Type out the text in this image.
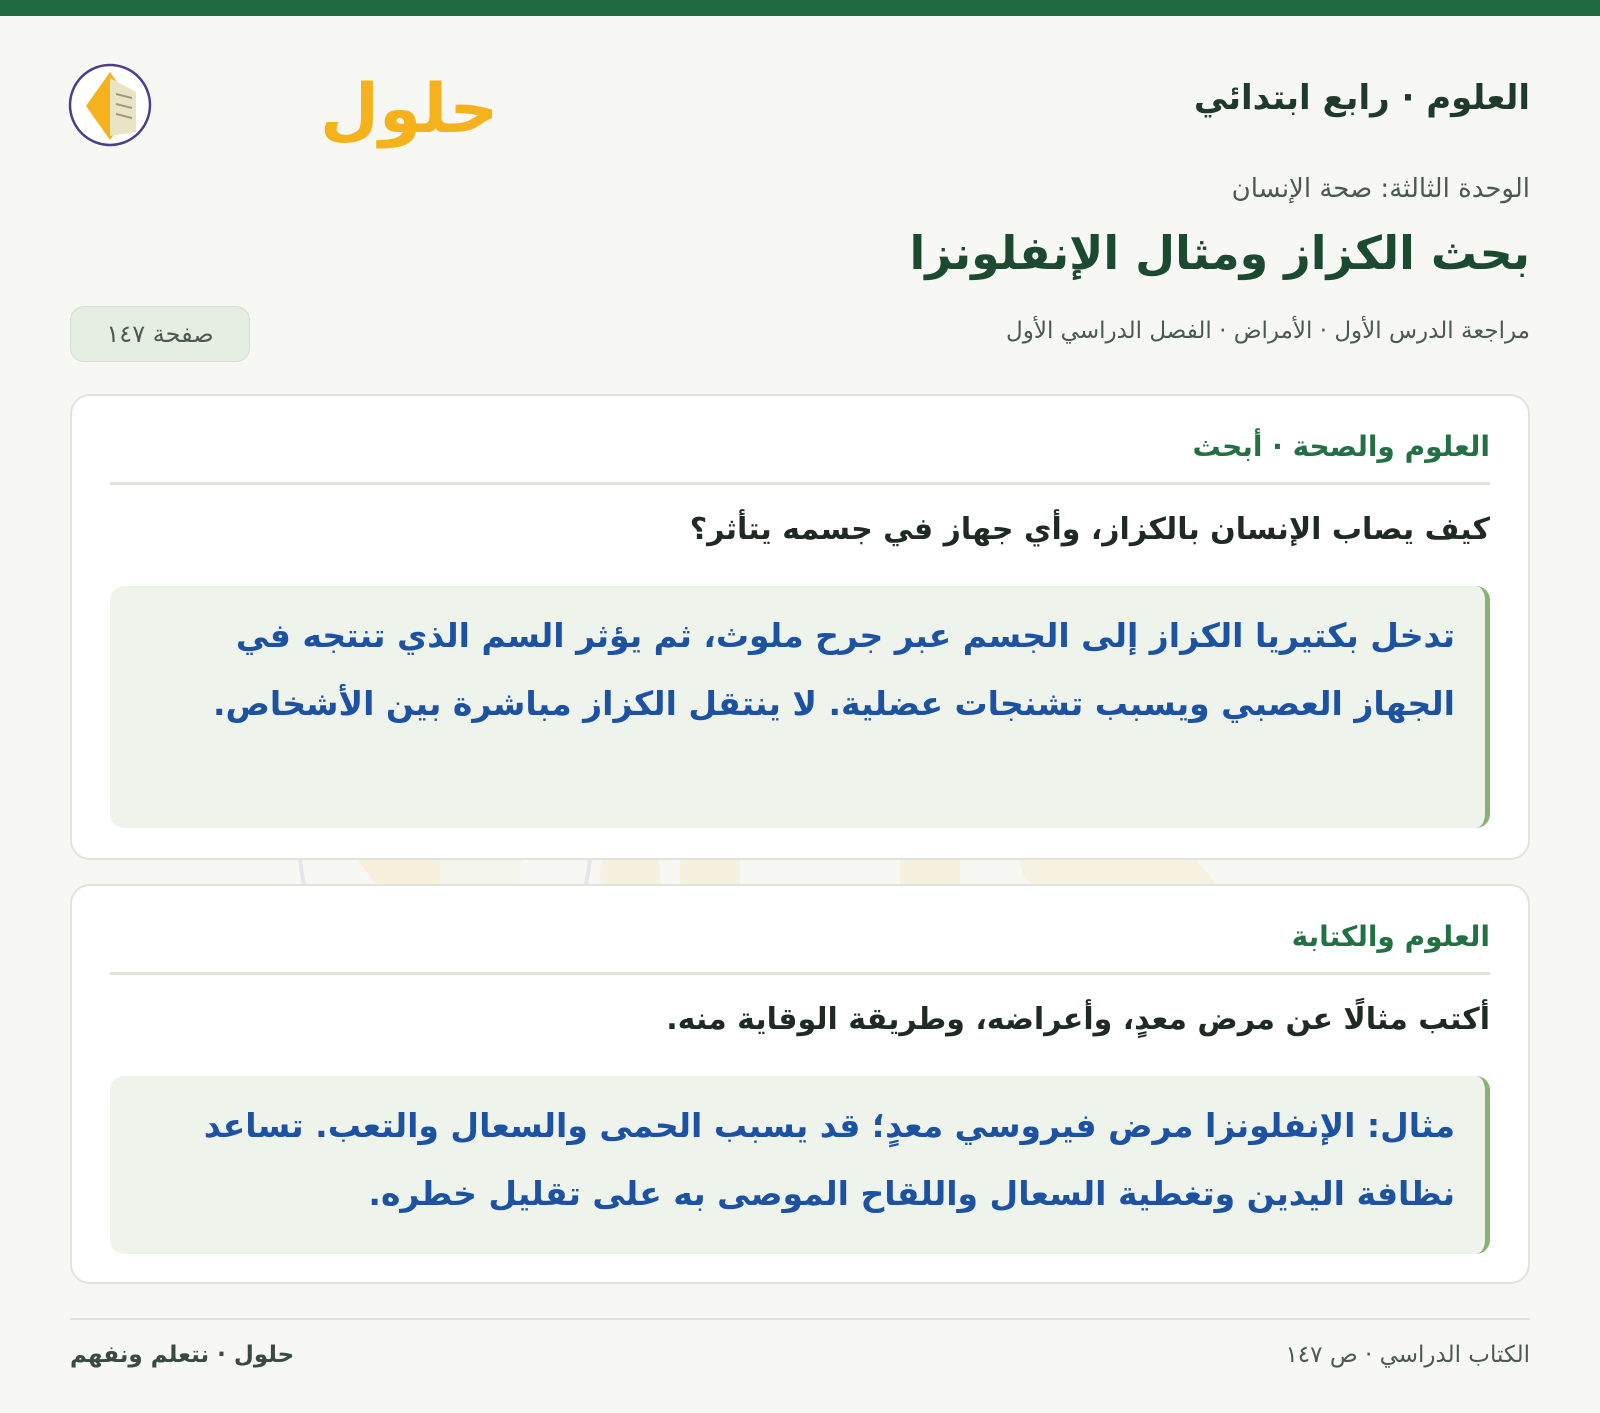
العلوم · رابع ابتدائي
حلول
الوحدة الثالثة: صحة الإنسان
بحث الكزاز ومثال الإنفلونزا
مراجعة الدرس الأول · الأمراض · الفصل الدراسي الأول
صفحة ١٤٧
العلوم والصحة · أبحث
كيف يصاب الإنسان بالكزاز، وأي جهاز في جسمه يتأثر؟
تدخل بكتيريا الكزاز إلى الجسم عبر جرح ملوث، ثم يؤثر السم الذي تنتجه في الجهاز العصبي ويسبب تشنجات عضلية. لا ينتقل الكزاز مباشرة بين الأشخاص.
العلوم والكتابة
أكتب مثالًا عن مرض معدٍ، وأعراضه، وطريقة الوقاية منه.
مثال: الإنفلونزا مرض فيروسي معدٍ؛ قد يسبب الحمى والسعال والتعب. تساعد نظافة اليدين وتغطية السعال واللقاح الموصى به على تقليل خطره.
الكتاب الدراسي · ص ١٤٧
حلول · نتعلم ونفهم
